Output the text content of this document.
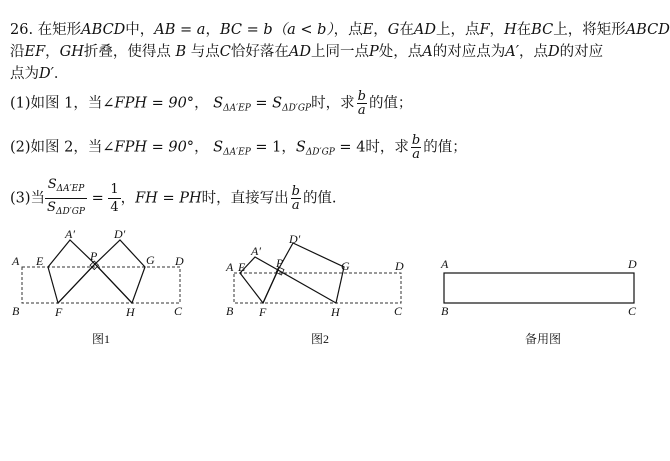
26. 在矩形ABCD中，AB = a，BC = b（a < b），点E，G在AD上，点F，H在BC上，将矩形ABCD
沿EF，GH折叠，使得点 B 与点C恰好落在AD上同一点P处，点A的对应点为A′，点D的对应
点为D′．
(1)如图 1，当∠FPH = 90°， $S_{\Delta A'EP} = S_{\Delta D'GP}$时，求 $\frac{b}{a}$ 的值；
(2)如图 2，当∠FPH = 90°， $S_{\Delta A'EP} = 1$，$S_{\Delta D'GP} = 4$时，求 $\frac{b}{a}$ 的值；
(3)当 $\frac{S_{\Delta A'EP}}{S_{\Delta D'GP}} = \frac{1}{4}$ ，FH = PH时，直接写出 $\frac{b}{a}$ 的值.
A E
A′
P
D′
G D
B	F	H	C
图1
A E
A′
P
D′
G	D
B F	H	C
图2
A	D
B	C
备用图
